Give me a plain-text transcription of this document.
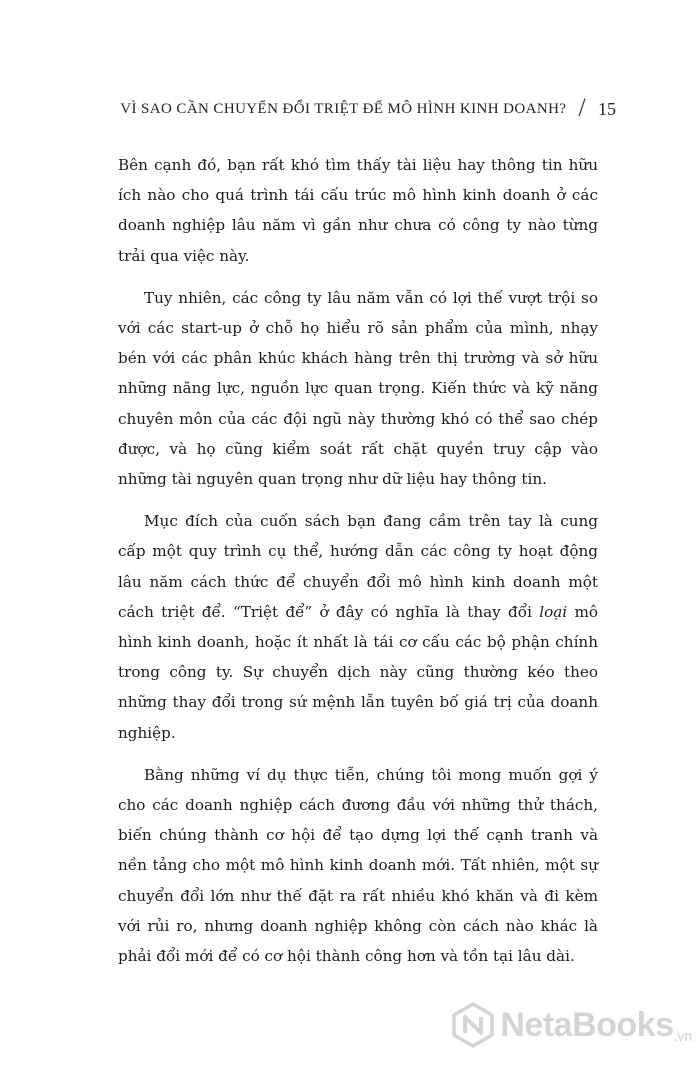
VÌ SAO CẦN CHUYỂN ĐỔI TRIỆT ĐỂ MÔ HÌNH KINH DOANH? / 15

Bên cạnh đó, bạn rất khó tìm thấy tài liệu hay thông tin hữu ích nào cho quá trình tái cấu trúc mô hình kinh doanh ở các doanh nghiệp lâu năm vì gần như chưa có công ty nào từng trải qua việc này.

Tuy nhiên, các công ty lâu năm vẫn có lợi thế vượt trội so với các start-up ở chỗ họ hiểu rõ sản phẩm của mình, nhạy bén với các phân khúc khách hàng trên thị trường và sở hữu những năng lực, nguồn lực quan trọng. Kiến thức và kỹ năng chuyên môn của các đội ngũ này thường khó có thể sao chép được, và họ cũng kiểm soát rất chặt quyền truy cập vào những tài nguyên quan trọng như dữ liệu hay thông tin.

Mục đích của cuốn sách bạn đang cầm trên tay là cung cấp một quy trình cụ thể, hướng dẫn các công ty hoạt động lâu năm cách thức để chuyển đổi mô hình kinh doanh một cách triệt để. “Triệt để” ở đây có nghĩa là thay đổi loại mô hình kinh doanh, hoặc ít nhất là tái cơ cấu các bộ phận chính trong công ty. Sự chuyển dịch này cũng thường kéo theo những thay đổi trong sứ mệnh lẫn tuyên bố giá trị của doanh nghiệp.

Bằng những ví dụ thực tiễn, chúng tôi mong muốn gợi ý cho các doanh nghiệp cách đương đầu với những thử thách, biến chúng thành cơ hội để tạo dựng lợi thế cạnh tranh và nền tảng cho một mô hình kinh doanh mới. Tất nhiên, một sự chuyển đổi lớn như thế đặt ra rất nhiều khó khăn và đi kèm với rủi ro, nhưng doanh nghiệp không còn cách nào khác là phải đổi mới để có cơ hội thành công hơn và tồn tại lâu dài.

NetaBooks.vn
